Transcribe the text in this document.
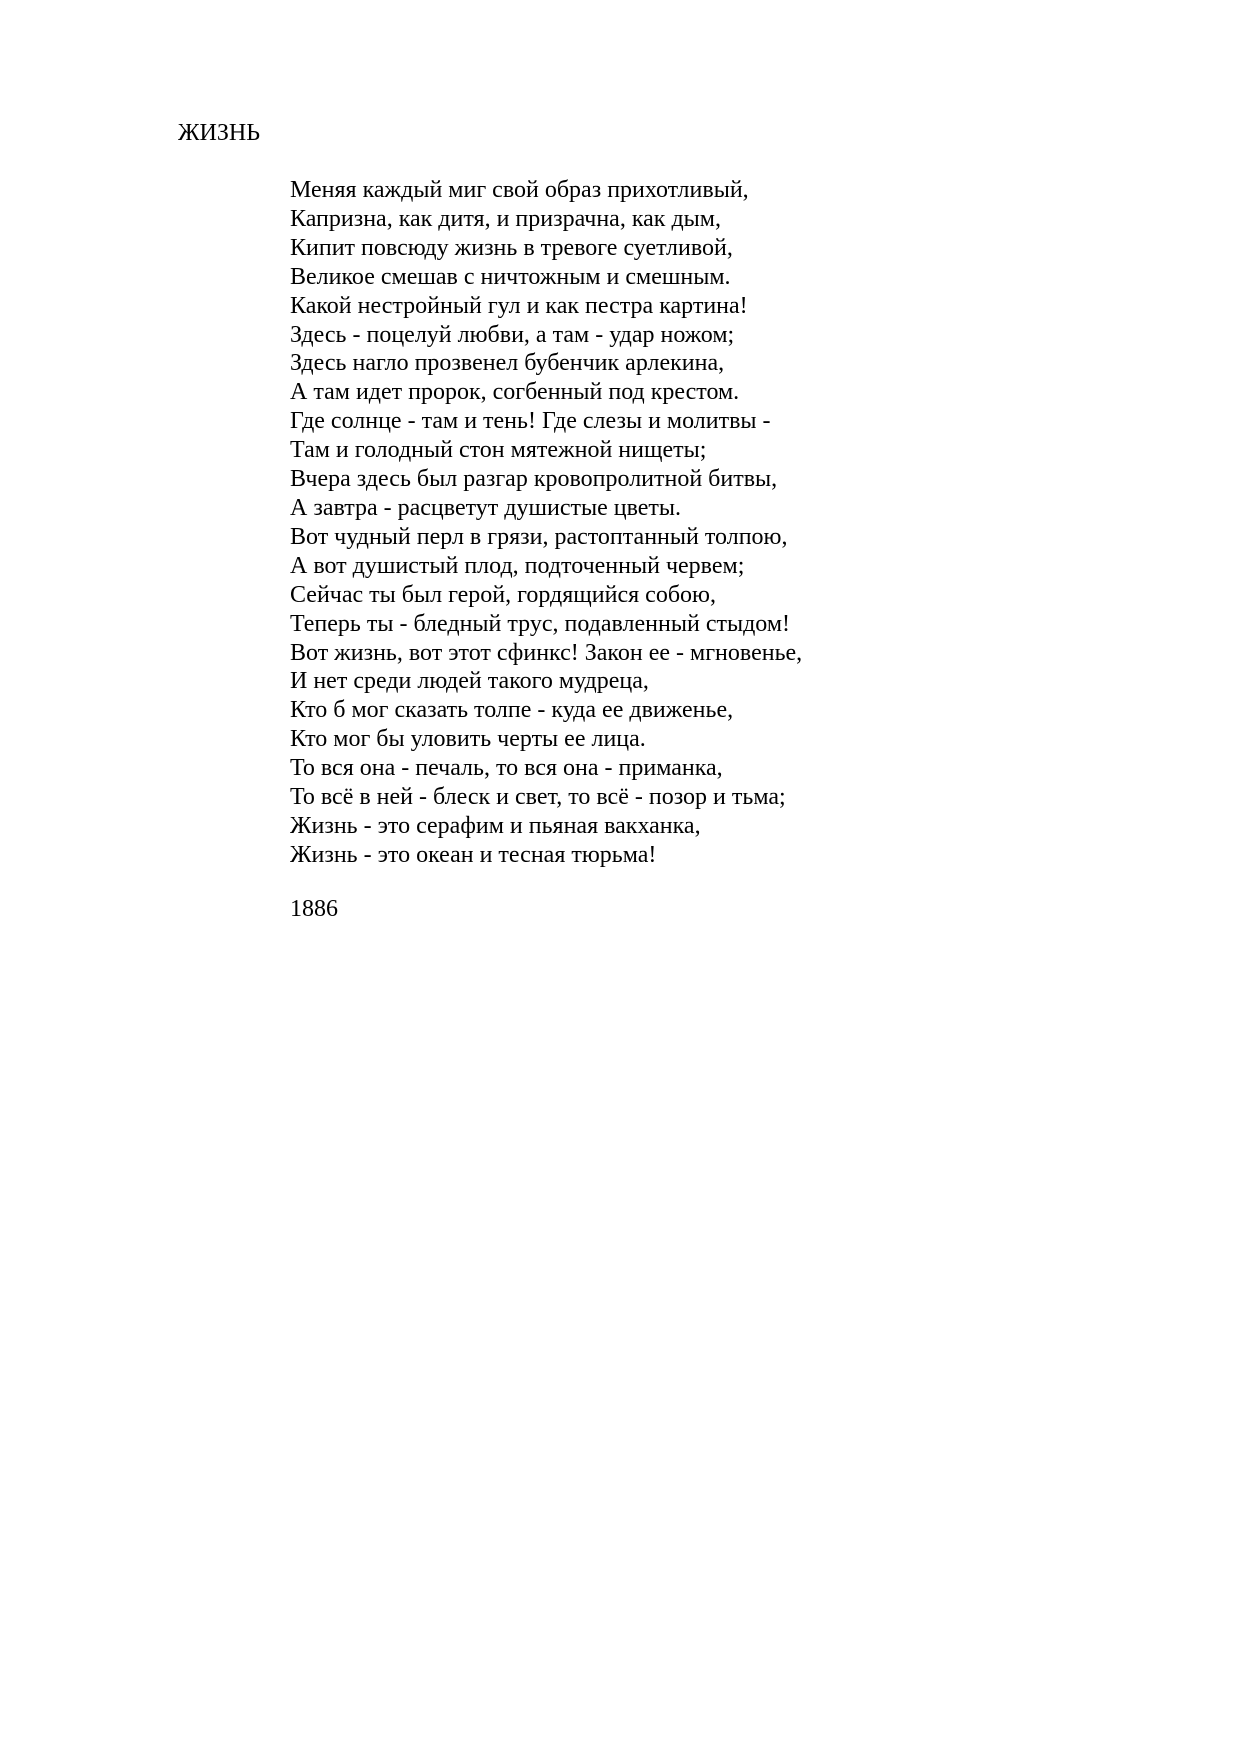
ЖИЗНЬ
Меняя каждый миг свой образ прихотливый,
Капризна, как дитя, и призрачна, как дым,
Кипит повсюду жизнь в тревоге суетливой,
Великое смешав с ничтожным и смешным.
Какой нестройный гул и как пестра картина!
Здесь - поцелуй любви, а там - удар ножом;
Здесь нагло прозвенел бубенчик арлекина,
А там идет пророк, согбенный под крестом.
Где солнце - там и тень! Где слезы и молитвы -
Там и голодный стон мятежной нищеты;
Вчера здесь был разгар кровопролитной битвы,
А завтра - расцветут душистые цветы.
Вот чудный перл в грязи, растоптанный толпою,
А вот душистый плод, подточенный червем;
Сейчас ты был герой, гордящийся собою,
Теперь ты - бледный трус, подавленный стыдом!
Вот жизнь, вот этот сфинкс! Закон ее - мгновенье,
И нет среди людей такого мудреца,
Кто б мог сказать толпе - куда ее движенье,
Кто мог бы уловить черты ее лица.
То вся она - печаль, то вся она - приманка,
То всё в ней - блеск и свет, то всё - позор и тьма;
Жизнь - это серафим и пьяная вакханка,
Жизнь - это океан и тесная тюрьма!
1886
